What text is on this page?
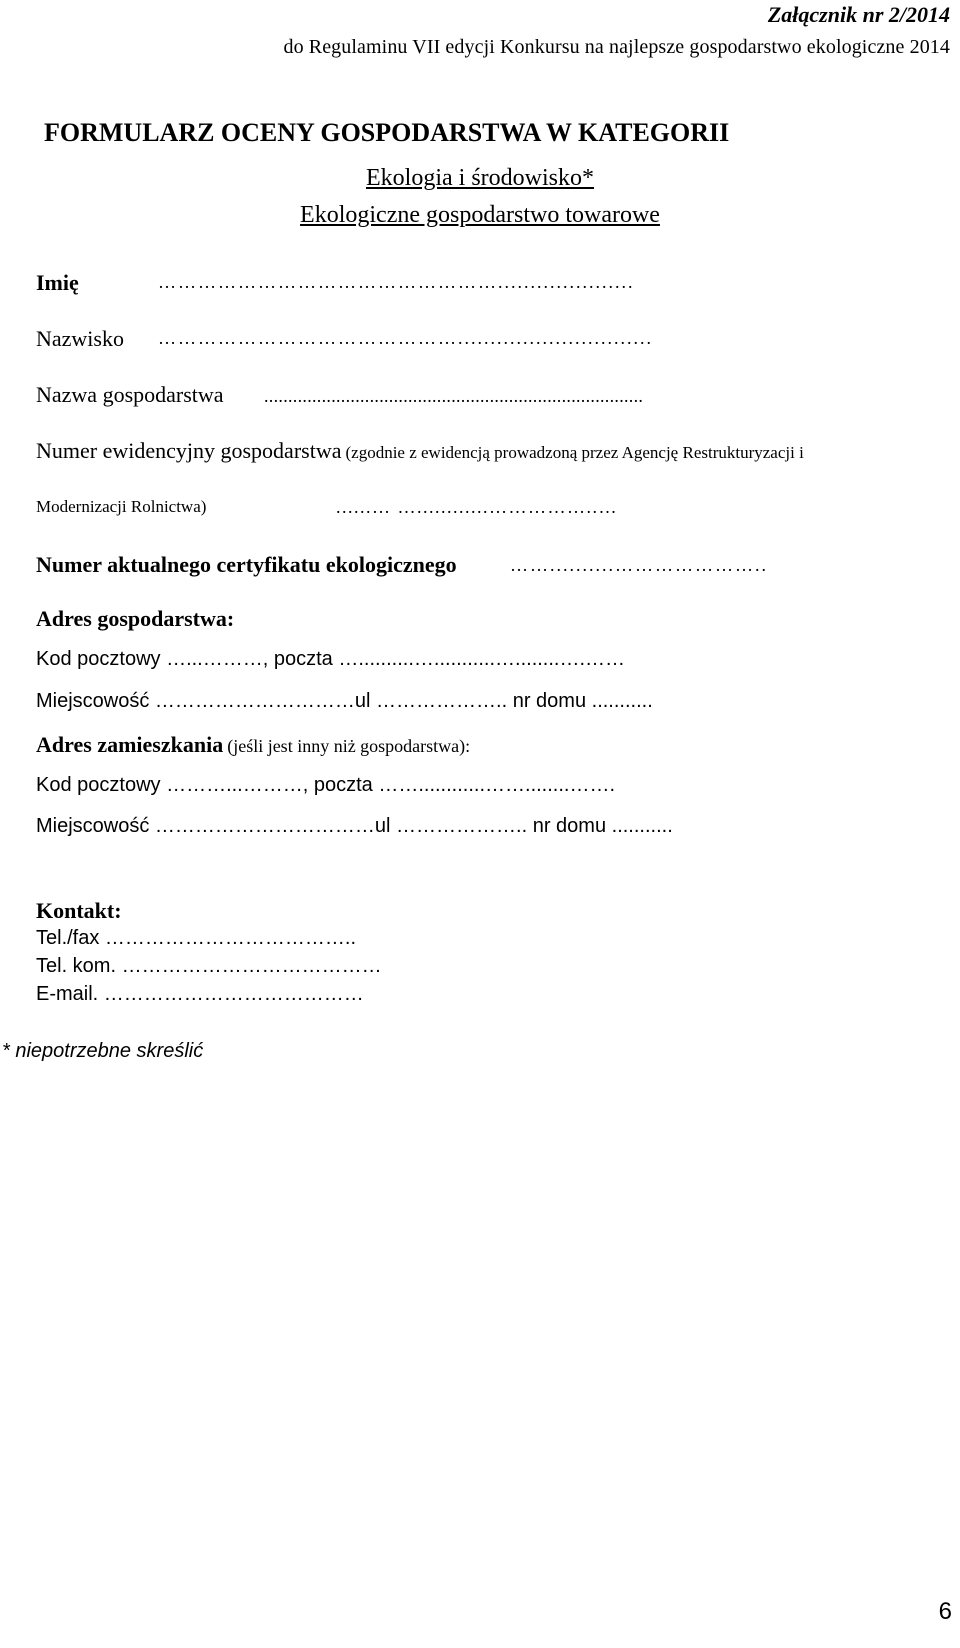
Załącznik nr 2/2014
do Regulaminu VII edycji Konkursu na najlepsze gospodarstwo ekologiczne 2014
FORMULARZ OCENY GOSPODARSTWA W KATEGORII
Ekologia i środowisko*
Ekologiczne gospodarstwo towarowe
Imię	…………………………………………….....................
Nazwisko ………………………………………..............................
Nazwa gospodarstwa ...............................................................................
Numer ewidencyjny gospodarstwa (zgodnie z ewidencją prowadzoną przez Agencję Restrukturyzacji i
Modernizacji Rolnictwa)	......… …............……………..…
Numer aktualnego certyfikatu ekologicznego	……..........…………………..
Adres gospodarstwa:
Kod pocztowy …...………, poczta …..........…...........…........….……
Miejscowość …………………………ul ……………….. nr domu ...........
Adres zamieszkania (jeśli jest inny niż gospodarstwa):
Kod pocztowy ………...………, poczta ……............……........…….
Miejscowość ……………………………ul ……………….. nr domu ...........
Kontakt:
Tel./fax ………………………………..
Tel. kom. …………………………………
E-mail. …………………………………
* niepotrzebne skreślić
6
